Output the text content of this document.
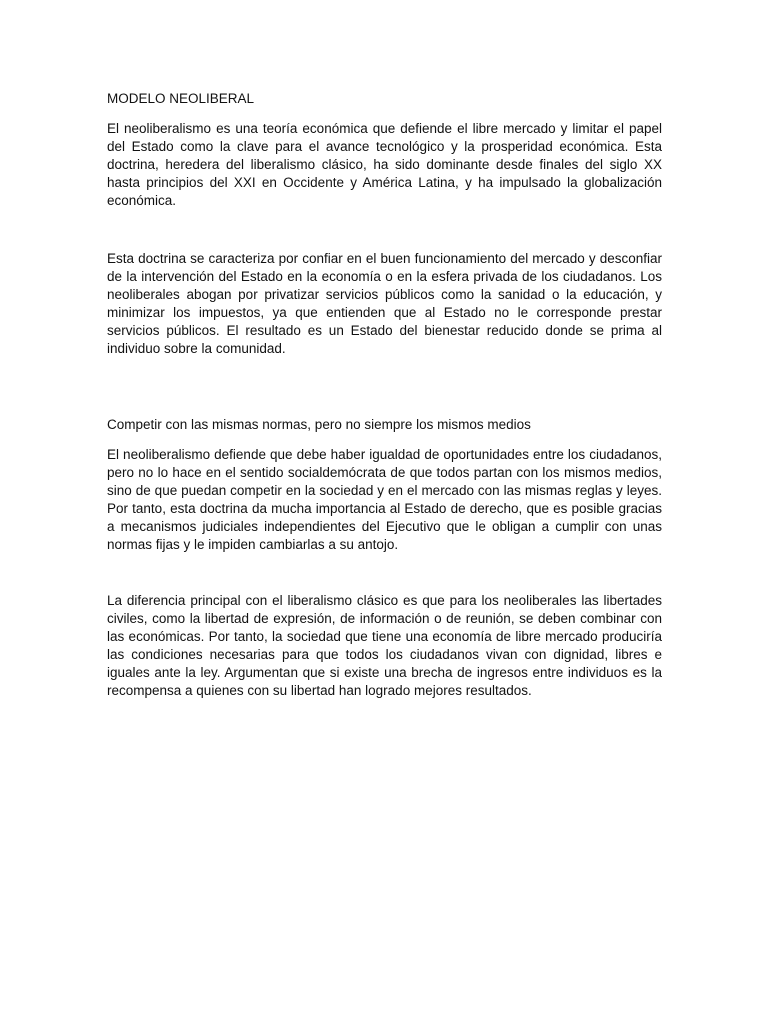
MODELO NEOLIBERAL

El neoliberalismo es una teoría económica que defiende el libre mercado y limitar el papel del Estado como la clave para el avance tecnológico y la prosperidad económica. Esta doctrina, heredera del liberalismo clásico, ha sido dominante desde finales del siglo XX hasta principios del XXI en Occidente y América Latina, y ha impulsado la globalización económica.

Esta doctrina se caracteriza por confiar en el buen funcionamiento del mercado y desconfiar de la intervención del Estado en la economía o en la esfera privada de los ciudadanos. Los neoliberales abogan por privatizar servicios públicos como la sanidad o la educación, y minimizar los impuestos, ya que entienden que al Estado no le corresponde prestar servicios públicos. El resultado es un Estado del bienestar reducido donde se prima al individuo sobre la comunidad.

Competir con las mismas normas, pero no siempre los mismos medios

El neoliberalismo defiende que debe haber igualdad de oportunidades entre los ciudadanos, pero no lo hace en el sentido socialdemócrata de que todos partan con los mismos medios, sino de que puedan competir en la sociedad y en el mercado con las mismas reglas y leyes. Por tanto, esta doctrina da mucha importancia al Estado de derecho, que es posible gracias a mecanismos judiciales independientes del Ejecutivo que le obligan a cumplir con unas normas fijas y le impiden cambiarlas a su antojo.

La diferencia principal con el liberalismo clásico es que para los neoliberales las libertades civiles, como la libertad de expresión, de información o de reunión, se deben combinar con las económicas. Por tanto, la sociedad que tiene una economía de libre mercado produciría las condiciones necesarias para que todos los ciudadanos vivan con dignidad, libres e iguales ante la ley. Argumentan que si existe una brecha de ingresos entre individuos es la recompensa a quienes con su libertad han logrado mejores resultados.
